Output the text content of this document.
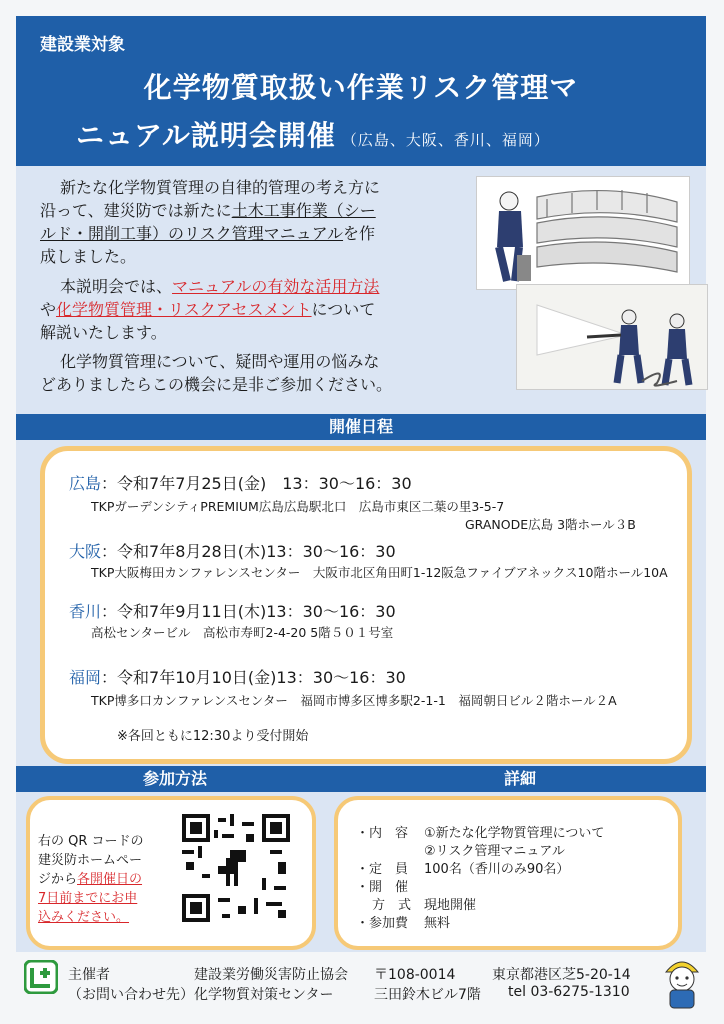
建設業対象
化学物質取扱い作業リスク管理マ
ニュアル説明会開催 （広島、大阪、香川、福岡）
新たな化学物質管理の自律的管理の考え方に
沿って、建災防では新たに土木工事作業（シー
ルド・開削工事）のリスク管理マニュアルを作
成しました。
本説明会では、マニュアルの有効な活用方法
や化学物質管理・リスクアセスメントについて
解説いたします。
化学物質管理について、疑問や運用の悩みな
どありましたらこの機会に是非ご参加ください。
開催日程
広島：令和7年7月25日(金)　13：30～16：30
TKPガーデンシティPREMIUM広島広島駅北口　広島市東区二葉の里3-5-7
GRANODE広島 3階ホール３B
大阪：令和7年8月28日(木)13：30～16：30
TKP大阪梅田カンファレンスセンター　大阪市北区角田町1-12阪急ファイブアネックス10階ホール10A
香川：令和7年9月11日(木)13：30～16：30
高松センタービル　高松市寿町2-4-20 5階５０１号室
福岡：令和7年10月10日(金)13：30～16：30
TKP博多口カンファレンスセンター　福岡市博多区博多駅2-1-1　福岡朝日ビル２階ホール２A
※各回ともに12:30より受付開始
参加方法	詳細
右の QR コードの
建災防ホームペー
ジから各開催日の
7日前までにお申
込みください。
・内　容 ①新たな化学物質管理について
②リスク管理マニュアル
・定　員 100名（香川のみ90名）
・開　催
方　式 現地開催
・参加費 無料
主催者
（お問い合わせ先）
建設業労働災害防止協会
化学物質対策センター
〒108-0014	東京都港区芝5-20-14
三田鈴木ビル7階 tel 03-6275-1310
